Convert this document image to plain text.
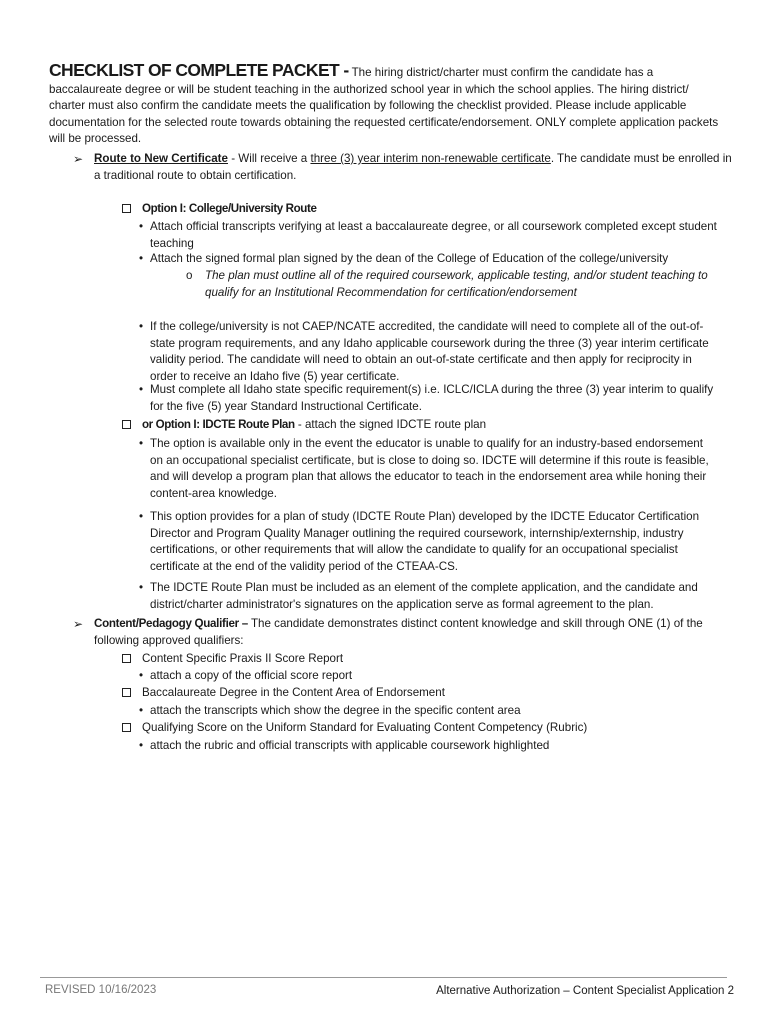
CHECKLIST OF COMPLETE PACKET - The hiring district/charter must confirm the candidate has a baccalaureate degree or will be student teaching in the authorized school year in which the school applies. The hiring district/ charter must also confirm the candidate meets the qualification by following the checklist provided. Please include applicable documentation for the selected route towards obtaining the requested certificate/endorsement. ONLY complete application packets will be processed.
➢ Route to New Certificate - Will receive a three (3) year interim non-renewable certificate. The candidate must be enrolled in a traditional route to obtain certification.
Option I: College/University Route
• Attach official transcripts verifying at least a baccalaureate degree, or all coursework completed except student teaching
• Attach the signed formal plan signed by the dean of the College of Education of the college/university
o The plan must outline all of the required coursework, applicable testing, and/or student teaching to qualify for an Institutional Recommendation for certification/endorsement
• If the college/university is not CAEP/NCATE accredited, the candidate will need to complete all of the out-of-state program requirements, and any Idaho applicable coursework during the three (3) year interim certificate validity period. The candidate will need to obtain an out-of-state certificate and then apply for reciprocity in order to receive an Idaho five (5) year certificate.
• Must complete all Idaho state specific requirement(s) i.e. ICLC/ICLA during the three (3) year interim to qualify for the five (5) year Standard Instructional Certificate.
or Option I: IDCTE Route Plan - attach the signed IDCTE route plan
• The option is available only in the event the educator is unable to qualify for an industry-based endorsement on an occupational specialist certificate, but is close to doing so. IDCTE will determine if this route is feasible, and will develop a program plan that allows the educator to teach in the endorsement area while honing their content-area knowledge.
• This option provides for a plan of study (IDCTE Route Plan) developed by the IDCTE Educator Certification Director and Program Quality Manager outlining the required coursework, internship/externship, industry certifications, or other requirements that will allow the candidate to qualify for an occupational specialist certificate at the end of the validity period of the CTEAA-CS.
• The IDCTE Route Plan must be included as an element of the complete application, and the candidate and district/charter administrator's signatures on the application serve as formal agreement to the plan.
➢ Content/Pedagogy Qualifier – The candidate demonstrates distinct content knowledge and skill through ONE (1) of the following approved qualifiers:
Content Specific Praxis II Score Report
• attach a copy of the official score report
Baccalaureate Degree in the Content Area of Endorsement
• attach the transcripts which show the degree in the specific content area
Qualifying Score on the Uniform Standard for Evaluating Content Competency (Rubric)
• attach the rubric and official transcripts with applicable coursework highlighted
REVISED 10/16/2023	Alternative Authorization – Content Specialist Application 2
